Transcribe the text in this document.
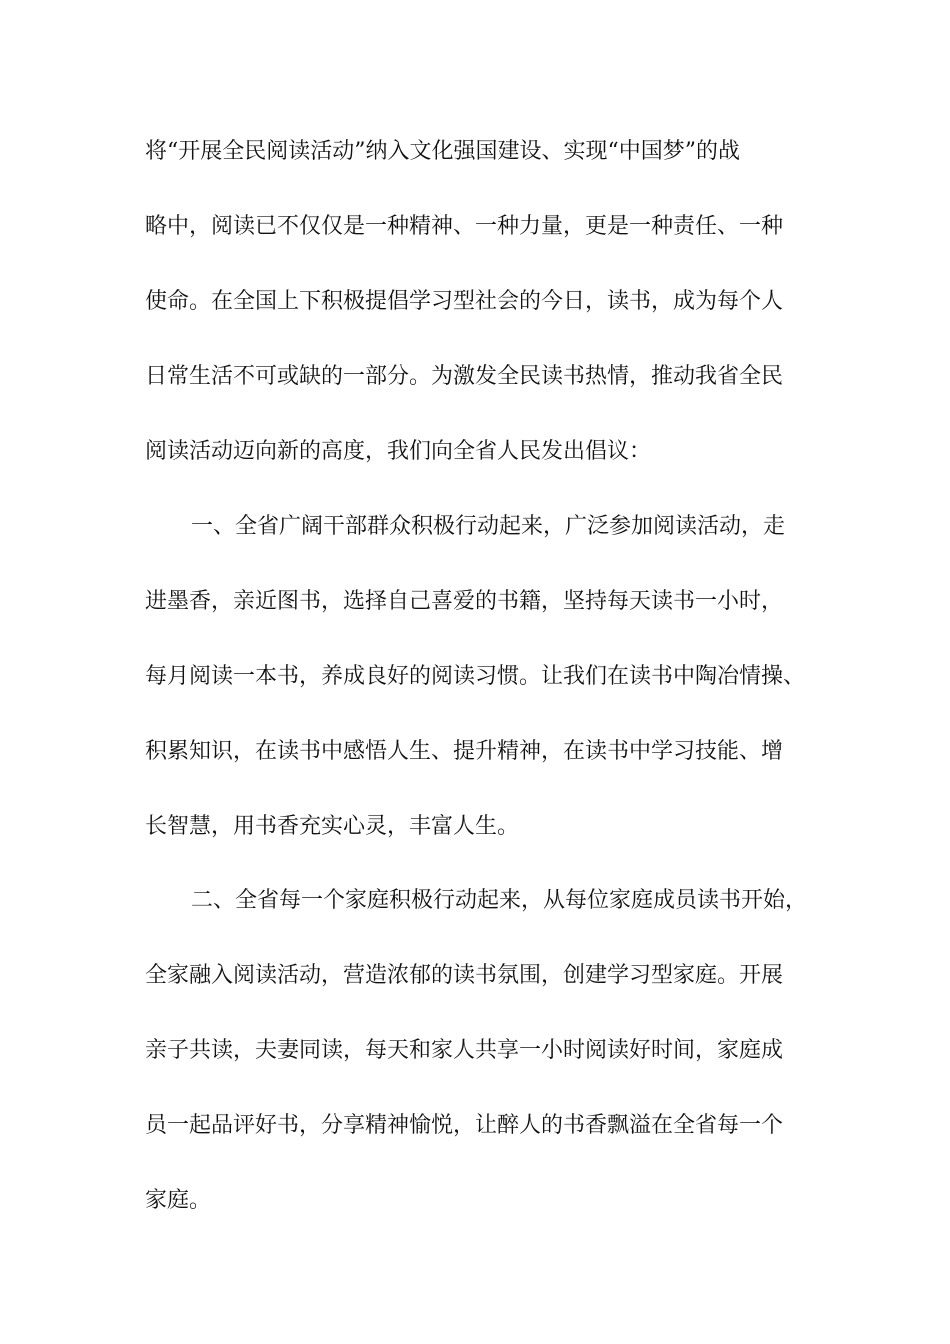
将“开展全民阅读活动”纳入文化强国建设、实现“中国梦”的战

略中，阅读已不仅仅是一种精神、一种力量，更是一种责任、一种

使命。在全国上下积极提倡学习型社会的今日，读书，成为每个人

日常生活不可或缺的一部分。为激发全民读书热情，推动我省全民

阅读活动迈向新的高度，我们向全省人民发出倡议：

一、全省广阔干部群众积极行动起来，广泛参加阅读活动，走

进墨香，亲近图书，选择自己喜爱的书籍，坚持每天读书一小时，

每月阅读一本书，养成良好的阅读习惯。让我们在读书中陶冶情操、

积累知识，在读书中感悟人生、提升精神，在读书中学习技能、增

长智慧，用书香充实心灵，丰富人生。

二、全省每一个家庭积极行动起来，从每位家庭成员读书开始，

全家融入阅读活动，营造浓郁的读书氛围，创建学习型家庭。开展

亲子共读，夫妻同读，每天和家人共享一小时阅读好时间，家庭成

员一起品评好书，分享精神愉悦，让醉人的书香飘溢在全省每一个

家庭。
